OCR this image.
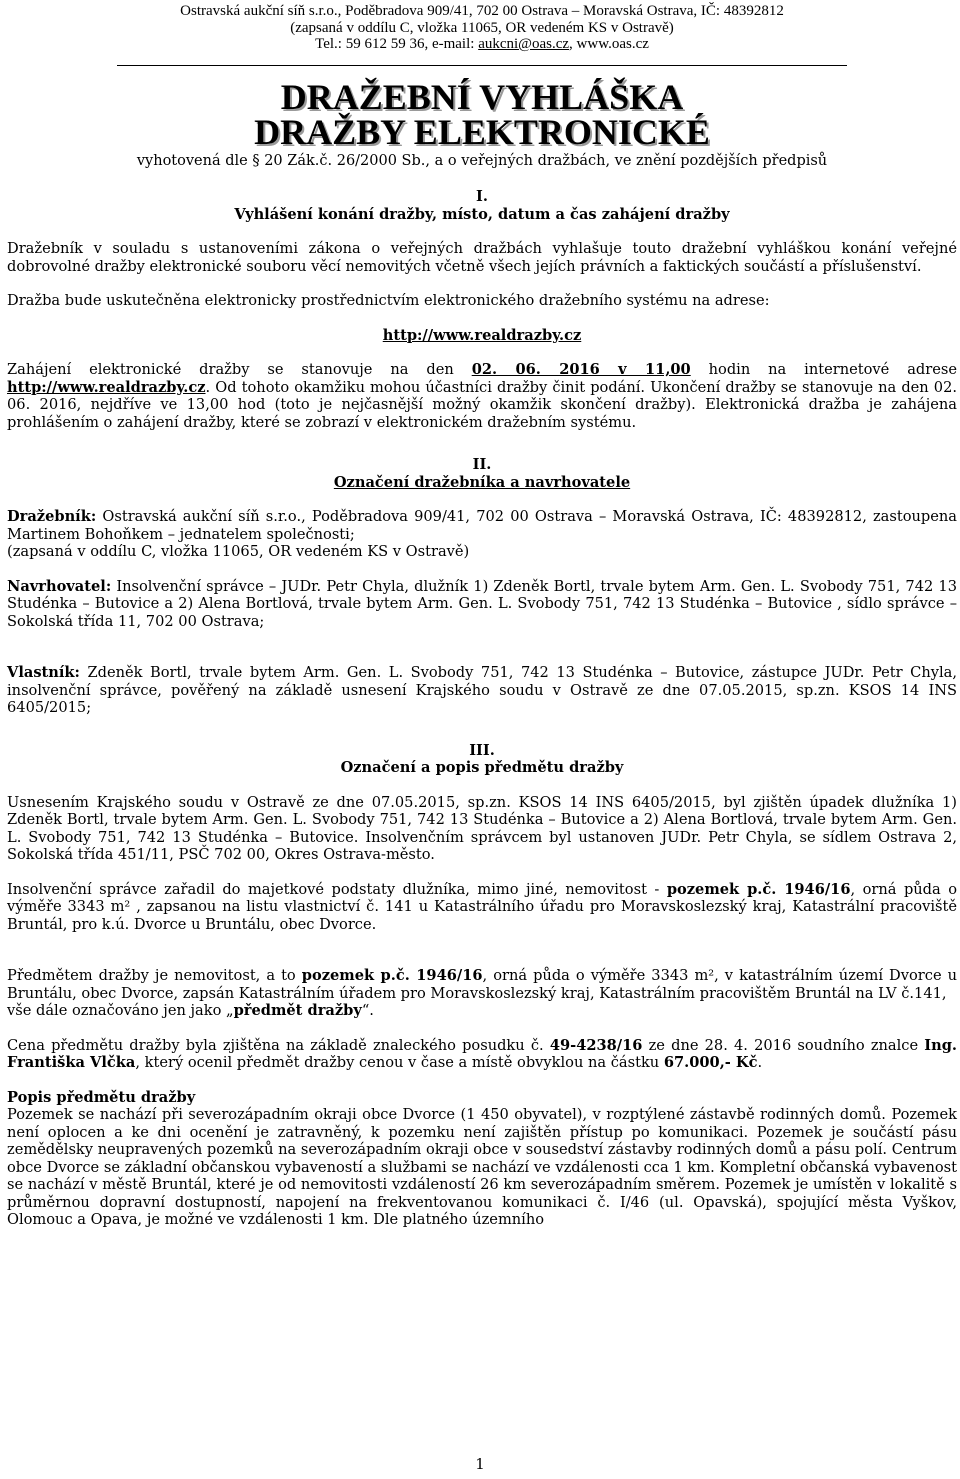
Ostravská aukční síň s.r.o., Poděbradova 909/41, 702 00 Ostrava – Moravská Ostrava, IČ: 48392812
(zapsaná v oddílu C, vložka 11065, OR vedeném KS v Ostravě)
Tel.: 59 612 59 36, e-mail: aukcni@oas.cz, www.oas.cz
DRAŽEBNÍ VYHLÁŠKA
DRAŽBY ELEKTRONICKÉ
vyhotovená dle § 20 Zák.č. 26/2000 Sb., a o veřejných dražbách, ve znění pozdějších předpisů
I.
Vyhlášení konání dražby, místo, datum a čas zahájení dražby

Dražebník v souladu s ustanoveními zákona o veřejných dražbách vyhlašuje touto dražební vyhláškou konání veřejné dobrovolné dražby elektronické souboru věcí nemovitých včetně všech jejích právních a faktických součástí a příslušenství.

Dražba bude uskutečněna elektronicky prostřednictvím elektronického dražebního systému na adrese:

http://www.realdrazby.cz

Zahájení elektronické dražby se stanovuje na den 02. 06. 2016 v 11,00 hodin na internetové adrese http://www.realdrazby.cz. Od tohoto okamžiku mohou účastníci dražby činit podání. Ukončení dražby se stanovuje na den 02. 06. 2016, nejdříve ve 13,00 hod (toto je nejčasnější možný okamžik skončení dražby). Elektronická dražba je zahájena prohlášením o zahájení dražby, které se zobrazí v elektronickém dražebním systému.

II.
Označení dražebníka a navrhovatele

Dražebník: Ostravská aukční síň s.r.o., Poděbradova 909/41, 702 00 Ostrava – Moravská Ostrava, IČ: 48392812, zastoupena Martinem Bohoňkem – jednatelem společnosti;

(zapsaná v oddílu C, vložka 11065, OR vedeném KS v Ostravě)

Navrhovatel: Insolvenční správce – JUDr. Petr Chyla, dlužník 1) Zdeněk Bortl, trvale bytem Arm. Gen. L. Svobody 751, 742 13 Studénka – Butovice a 2) Alena Bortlová, trvale bytem Arm. Gen. L. Svobody 751, 742 13 Studénka – Butovice , sídlo správce – Sokolská třída 11, 702 00 Ostrava;

Vlastník: Zdeněk Bortl, trvale bytem Arm. Gen. L. Svobody 751, 742 13 Studénka – Butovice, zástupce JUDr. Petr Chyla, insolvenční správce, pověřený na základě usnesení Krajského soudu v Ostravě ze dne 07.05.2015, sp.zn. KSOS 14 INS 6405/2015;

III.
Označení a popis předmětu dražby

Usnesením Krajského soudu v Ostravě ze dne 07.05.2015, sp.zn. KSOS 14 INS 6405/2015, byl zjištěn úpadek dlužníka 1) Zdeněk Bortl, trvale bytem Arm. Gen. L. Svobody 751, 742 13 Studénka – Butovice a 2) Alena Bortlová, trvale bytem Arm. Gen. L. Svobody 751, 742 13 Studénka – Butovice. Insolvenčním správcem byl ustanoven JUDr. Petr Chyla, se sídlem Ostrava 2, Sokolská třída 451/11, PSČ 702 00, Okres Ostrava-město.

Insolvenční správce zařadil do majetkové podstaty dlužníka, mimo jiné, nemovitost - pozemek p.č. 1946/16, orná půda o výměře 3343 m² , zapsanou na listu vlastnictví č. 141 u Katastrálního úřadu pro Moravskoslezský kraj, Katastrální pracoviště Bruntál, pro k.ú. Dvorce u Bruntálu, obec Dvorce.

Předmětem dražby je nemovitost, a to pozemek p.č. 1946/16, orná půda o výměře 3343 m², v katastrálním území Dvorce u Bruntálu, obec Dvorce, zapsán Katastrálním úřadem pro Moravskoslezský kraj, Katastrálním pracovištěm Bruntál na LV č.141,

vše dále označováno jen jako „předmět dražby“.

Cena předmětu dražby byla zjištěna na základě znaleckého posudku č. 49-4238/16 ze dne 28. 4. 2016 soudního znalce Ing. Františka Vlčka, který ocenil předmět dražby cenou v čase a místě obvyklou na částku 67.000,- Kč.

Popis předmětu dražby

Pozemek se nachází při severozápadním okraji obce Dvorce (1 450 obyvatel), v rozptýlené zástavbě rodinných domů. Pozemek není oplocen a ke dni ocenění je zatravněný, k pozemku není zajištěn přístup po komunikaci. Pozemek je součástí pásu zemědělsky neupravených pozemků na severozápadním okraji obce v sousedství zástavby rodinných domů a pásu polí. Centrum obce Dvorce se základní občanskou vybaveností a službami se nachází ve vzdálenosti cca 1 km. Kompletní občanská vybavenost se nachází v městě Bruntál, které je od nemovitosti vzdáleností 26 km severozápadním směrem. Pozemek je umístěn v lokalitě s průměrnou dopravní dostupností, napojení na frekventovanou komunikaci č. I/46 (ul. Opavská), spojující města Vyškov, Olomouc a Opava, je možné ve vzdálenosti 1 km. Dle platného územního

1
